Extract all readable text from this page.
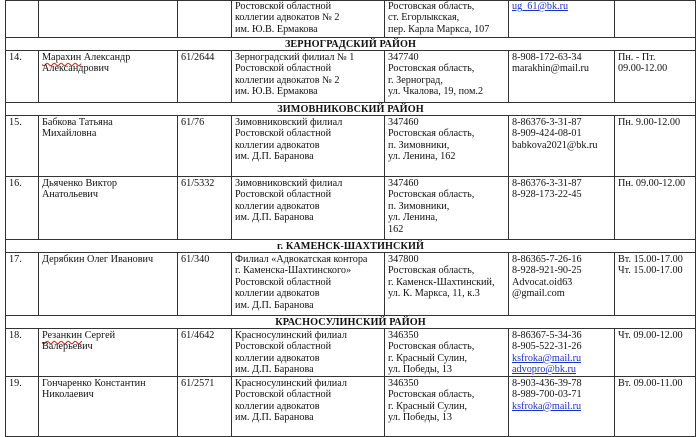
			Ростовской областной
коллегии адвокатов № 2
им. Ю.В. Ермакова	Ростовская область,
ст. Егорлыкская,
пер. Карла Маркса, 107	ug_61@bk.ru	
ЗЕРНОГРАДСКИЙ РАЙОН						
14.	Марахин Александр
Александрович	61/2644	Зерноградский филиал № 1
Ростовской областной
коллегии адвокатов № 2
им. Ю.В. Ермакова	347740
Ростовская область,
г. Зерноград,
ул. Чкалова, 19, пом.2	8-908-172-63-34
marakhin@mail.ru	Пн. - Пт.
09.00-12.00
ЗИМОВНИКОВСКИЙ РАЙОН						
15.	Бабкова Татьяна
Михайловна	61/76	Зимовниковский филиал
Ростовской областной
коллегии адвокатов
им. Д.П. Баранова	347460
Ростовская область,
п. Зимовники,
ул. Ленина, 162	8-86376-3-31-87
8-909-424-08-01
babkova2021@bk.ru	Пн. 9.00-12.00
16.	Дьяченко Виктор
Анатольевич	61/5332	Зимовниковский филиал
Ростовской областной
коллегии адвокатов
им. Д.П. Баранова	347460
Ростовская область,
п. Зимовники,
ул. Ленина,
162	8-86376-3-31-87
8-928-173-22-45	Пн. 09.00-12.00
г. КАМЕНСК-ШАХТИНСКИЙ						
17.	Дерябкин Олег Иванович	61/340	Филиал «Адвокатская контора
г. Каменска-Шахтинского»
Ростовской областной
коллегии адвокатов
им. Д.П. Баранова	347800
Ростовская область,
г. Каменск-Шахтинский,
ул. К. Маркса, 11, к.3	8-86365-7-26-16
8-928-921-90-25
Advocat.oid63
@gmail.com	Вт. 15.00-17.00
Чт. 15.00-17.00
КРАСНОСУЛИНСКИЙ РАЙОН						
18.	Резанкин Сергей
Валерьевич	61/4642	Красносулинский филиал
Ростовской областной
коллегии адвокатов
им. Д.П. Баранова	346350
Ростовская область,
г. Красный Сулин,
ул. Победы, 13	8-86367-5-34-36
8-905-522-31-26
ksfroka@mail.ru
advopro@bk.ru	Чт. 09.00-12.00
19.	Гончаренко Константин
Николаевич	61/2571	Красносулинский филиал
Ростовской областной
коллегии адвокатов
им. Д.П. Баранова	346350
Ростовская область,
г. Красный Сулин,
ул. Победы, 13	8-903-436-39-78
8-989-700-03-71
ksfroka@mail.ru	Вт. 09.00-11.00
